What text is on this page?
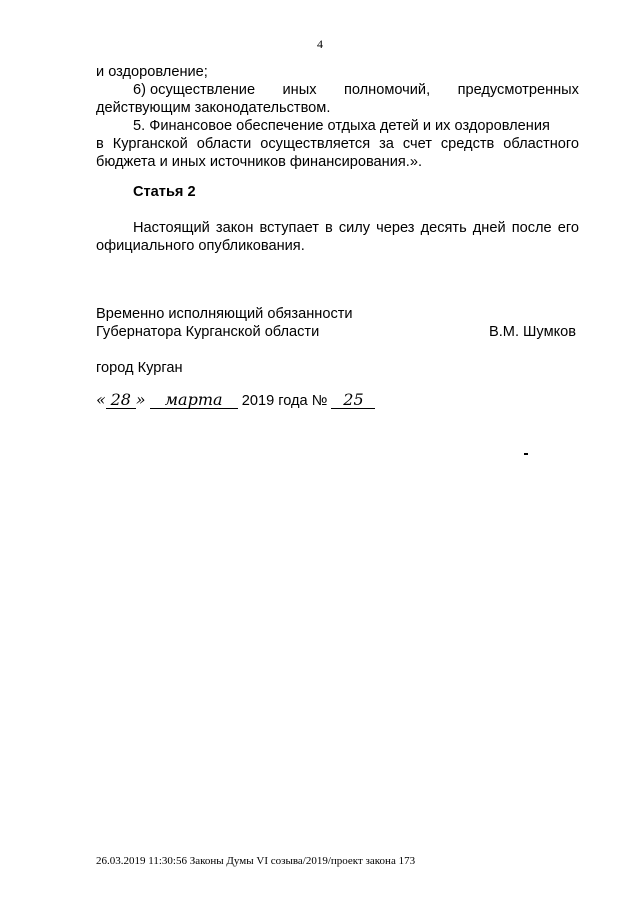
4
и оздоровление;
6) осуществление иных полномочий, предусмотренных
действующим законодательством.
5. Финансовое обеспечение отдыха детей и их оздоровления
в Курганской области осуществляется за счет средств областного
бюджета и иных источников финансирования.».
Статья 2
Настоящий закон вступает в силу через десять дней после его
официального опубликования.
Временно исполняющий обязанности
Губернатора Курганской области	В.М. Шумков
город Курган
« 28 » марта 2019 года № 25
26.03.2019 11:30:56 Законы Думы VI созыва/2019/проект закона 173
